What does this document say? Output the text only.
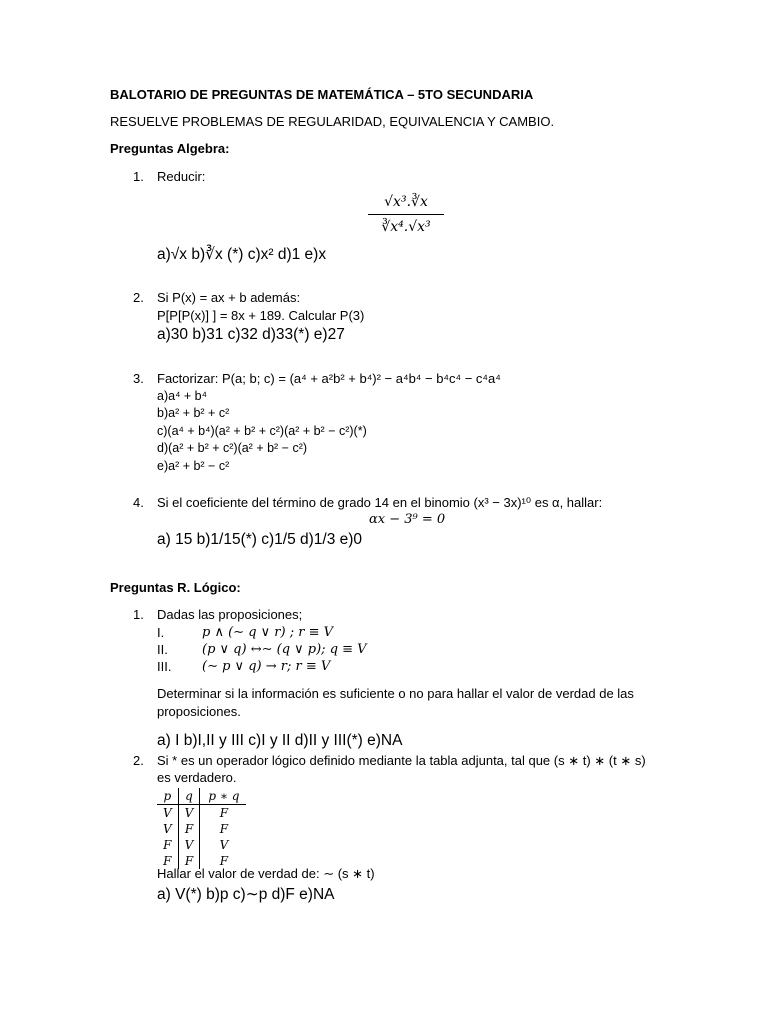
BALOTARIO DE PREGUNTAS DE MATEMÁTICA – 5TO SECUNDARIA
RESUELVE PROBLEMAS DE REGULARIDAD, EQUIVALENCIA Y CAMBIO.
Preguntas Algebra:
1. Reducir:
√x³.∛x
∛x⁴.√x³
a)√x b)∛x (*) c)x² d)1 e)x
2. Si P(x) = ax + b además:
P[P[P(x)] ] = 8x + 189. Calcular P(3)
a)30 b)31 c)32 d)33(*) e)27
3. Factorizar: P(a; b; c) = (a⁴ + a²b² + b⁴)² − a⁴b⁴ − b⁴c⁴ − c⁴a⁴
a)a⁴ + b⁴
b)a² + b² + c²
c)(a⁴ + b⁴)(a² + b² + c²)(a² + b² − c²)(*)
d)(a² + b² + c²)(a² + b² − c²)
e)a² + b² − c²
4. Si el coeficiente del término de grado 14 en el binomio (x³ − 3x)¹⁰ es α, hallar:
αx − 3⁹ = 0
a) 15 b)1/15(*) c)1/5 d)1/3 e)0
Preguntas R. Lógico:
1. Dadas las proposiciones;
I.	p ∧ (∼ q ∨ r) ; r ≡ V
II.	(p ∨ q) ↔∼ (q ∨ p); q ≡ V
III. (∼ p ∨ q) → r; r ≡ V
Determinar si la información es suficiente o no para hallar el valor de verdad de las
proposiciones.
a) I b)I,II y III c)I y II d)II y III(*) e)NA
2. Si * es un operador lógico definido mediante la tabla adjunta, tal que (s ∗ t) ∗ (t ∗ s)
es verdadero.
p	q	p ∗ q
V	V	F
V	F	F
F	V	V
F	F	F
Hallar el valor de verdad de: ∼ (s ∗ t)
a) V(*) b)p c)∼p d)F e)NA
